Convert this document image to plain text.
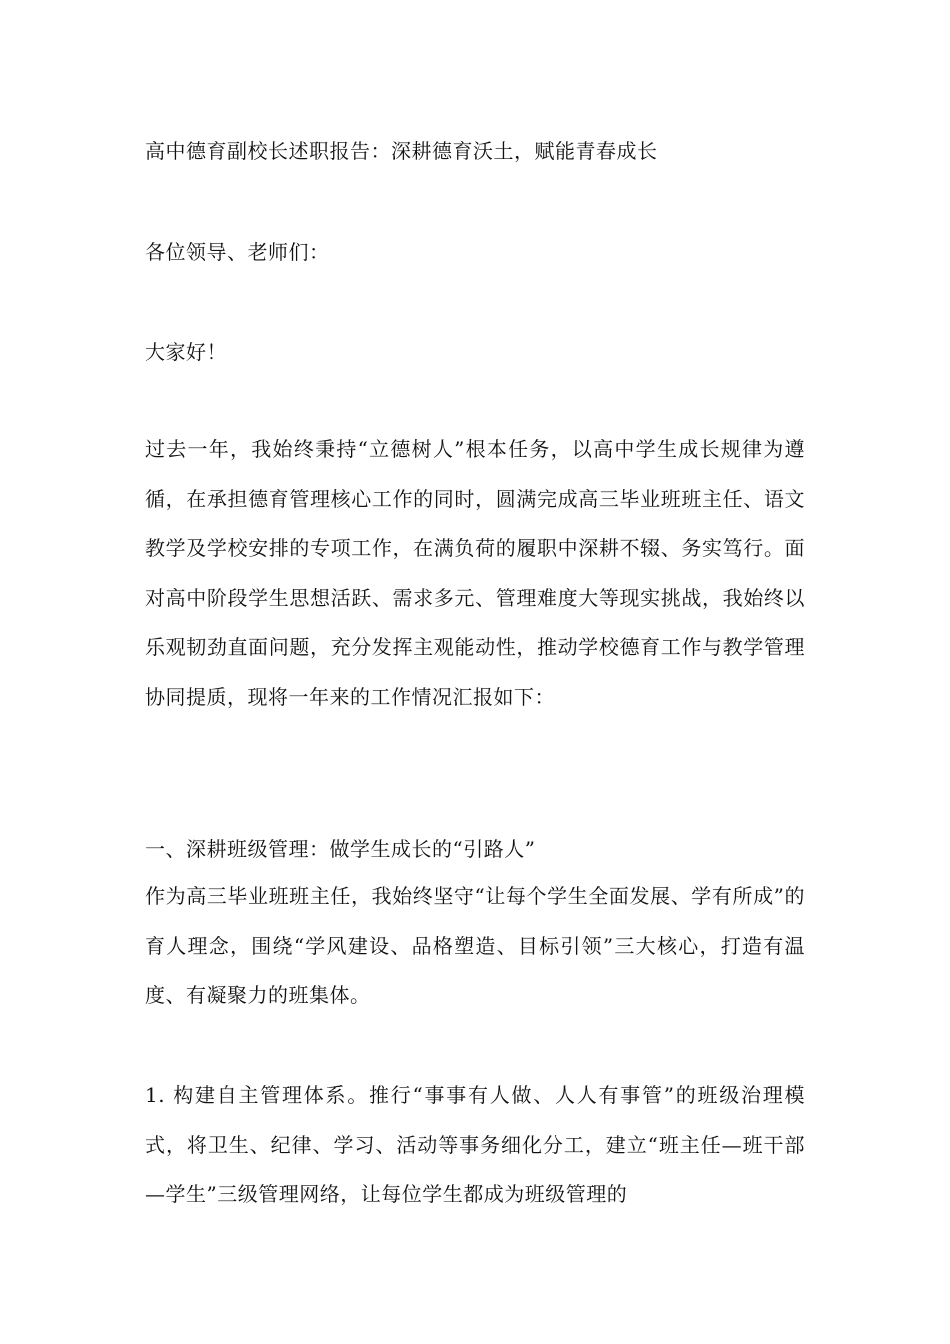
高中德育副校长述职报告：深耕德育沃土，赋能青春成长
各位领导、老师们：
大家好！
过去一年，我始终秉持“立德树人”根本任务，以高中学生成长规律为遵循，在承担德育管理核心工作的同时，圆满完成高三毕业班班主任、语文教学及学校安排的专项工作，在满负荷的履职中深耕不辍、务实笃行。面对高中阶段学生思想活跃、需求多元、管理难度大等现实挑战，我始终以乐观韧劲直面问题，充分发挥主观能动性，推动学校德育工作与教学管理协同提质，现将一年来的工作情况汇报如下：
一、深耕班级管理：做学生成长的“引路人”
作为高三毕业班班主任，我始终坚守“让每个学生全面发展、学有所成”的育人理念，围绕“学风建设、品格塑造、目标引领”三大核心，打造有温度、有凝聚力的班集体。
1. 构建自主管理体系。推行“事事有人做、人人有事管”的班级治理模式，将卫生、纪律、学习、活动等事务细化分工，建立“班主任—班干部—学生”三级管理网络，让每位学生都成为班级管理的
